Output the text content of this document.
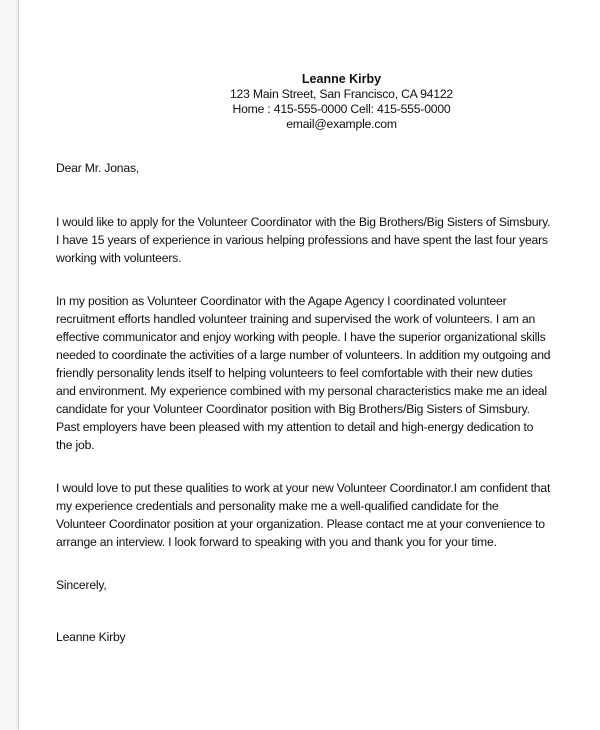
Leanne Kirby
123 Main Street, San Francisco, CA 94122
Home : 415-555-0000 Cell: 415-555-0000
email@example.com
Dear Mr. Jonas,

I would like to apply for the Volunteer Coordinator with the Big Brothers/Big Sisters of Simsbury. I have 15 years of experience in various helping professions and have spent the last four years working with volunteers.

In my position as Volunteer Coordinator with the Agape Agency I coordinated volunteer recruitment efforts handled volunteer training and supervised the work of volunteers. I am an effective communicator and enjoy working with people. I have the superior organizational skills needed to coordinate the activities of a large number of volunteers. In addition my outgoing and friendly personality lends itself to helping volunteers to feel comfortable with their new duties and environment. My experience combined with my personal characteristics make me an ideal candidate for your Volunteer Coordinator position with Big Brothers/Big Sisters of Simsbury. Past employers have been pleased with my attention to detail and high-energy dedication to the job.

I would love to put these qualities to work at your new Volunteer Coordinator.I am confident that my experience credentials and personality make me a well-qualified candidate for the Volunteer Coordinator position at your organization. Please contact me at your convenience to arrange an interview. I look forward to speaking with you and thank you for your time.

Sincerely,
Leanne Kirby
